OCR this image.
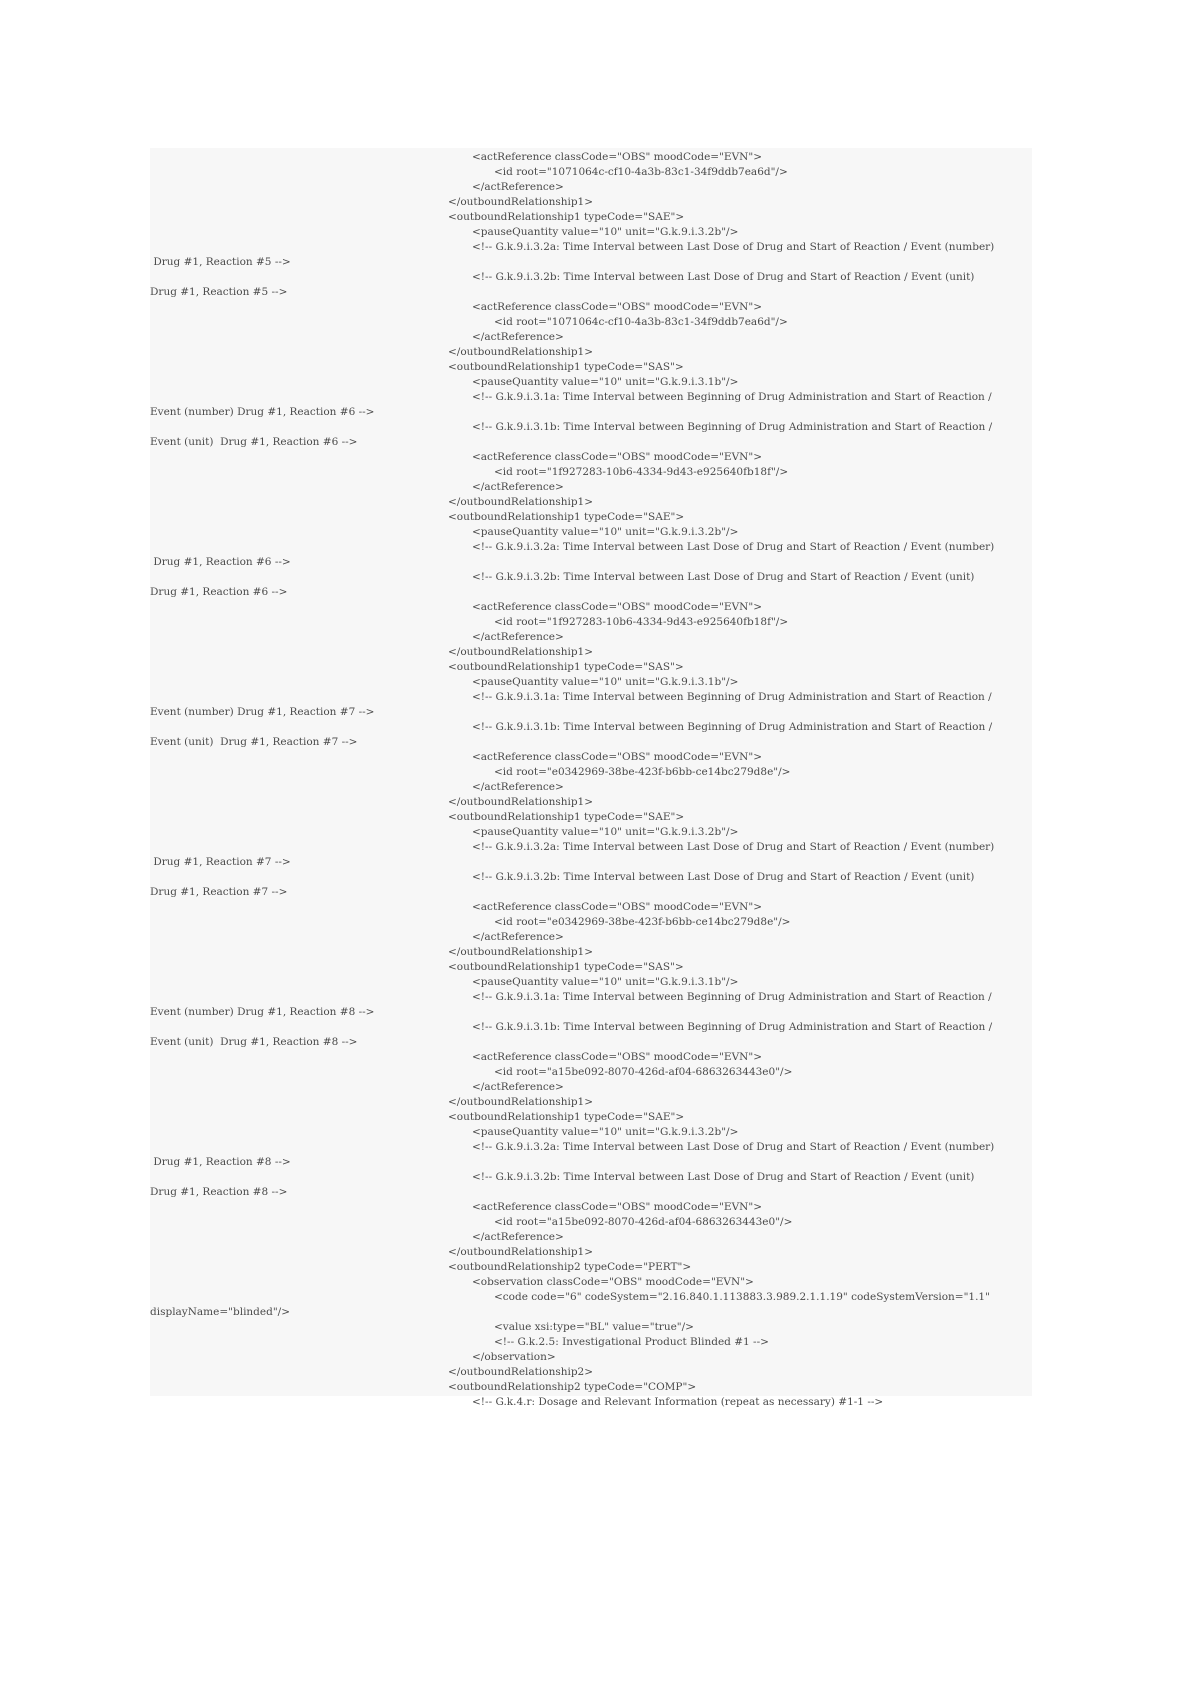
<actReference classCode="OBS" moodCode="EVN">
<id root="1071064c-cf10-4a3b-83c1-34f9ddb7ea6d"/>
</actReference>
</outboundRelationship1>
<outboundRelationship1 typeCode="SAE">
<pauseQuantity value="10" unit="G.k.9.i.3.2b"/>
<!-- G.k.9.i.3.2a: Time Interval between Last Dose of Drug and Start of Reaction / Event (number)
Drug #1, Reaction #5 -->
<!-- G.k.9.i.3.2b: Time Interval between Last Dose of Drug and Start of Reaction / Event (unit)
Drug #1, Reaction #5 -->
<actReference classCode="OBS" moodCode="EVN">
<id root="1071064c-cf10-4a3b-83c1-34f9ddb7ea6d"/>
</actReference>
</outboundRelationship1>
<outboundRelationship1 typeCode="SAS">
<pauseQuantity value="10" unit="G.k.9.i.3.1b"/>
<!-- G.k.9.i.3.1a: Time Interval between Beginning of Drug Administration and Start of Reaction /
Event (number) Drug #1, Reaction #6 -->
<!-- G.k.9.i.3.1b: Time Interval between Beginning of Drug Administration and Start of Reaction /
Event (unit)  Drug #1, Reaction #6 -->
<actReference classCode="OBS" moodCode="EVN">
<id root="1f927283-10b6-4334-9d43-e925640fb18f"/>
</actReference>
</outboundRelationship1>
<outboundRelationship1 typeCode="SAE">
<pauseQuantity value="10" unit="G.k.9.i.3.2b"/>
<!-- G.k.9.i.3.2a: Time Interval between Last Dose of Drug and Start of Reaction / Event (number)
Drug #1, Reaction #6 -->
<!-- G.k.9.i.3.2b: Time Interval between Last Dose of Drug and Start of Reaction / Event (unit)
Drug #1, Reaction #6 -->
<actReference classCode="OBS" moodCode="EVN">
<id root="1f927283-10b6-4334-9d43-e925640fb18f"/>
</actReference>
</outboundRelationship1>
<outboundRelationship1 typeCode="SAS">
<pauseQuantity value="10" unit="G.k.9.i.3.1b"/>
<!-- G.k.9.i.3.1a: Time Interval between Beginning of Drug Administration and Start of Reaction /
Event (number) Drug #1, Reaction #7 -->
<!-- G.k.9.i.3.1b: Time Interval between Beginning of Drug Administration and Start of Reaction /
Event (unit)  Drug #1, Reaction #7 -->
<actReference classCode="OBS" moodCode="EVN">
<id root="e0342969-38be-423f-b6bb-ce14bc279d8e"/>
</actReference>
</outboundRelationship1>
<outboundRelationship1 typeCode="SAE">
<pauseQuantity value="10" unit="G.k.9.i.3.2b"/>
<!-- G.k.9.i.3.2a: Time Interval between Last Dose of Drug and Start of Reaction / Event (number)
Drug #1, Reaction #7 -->
<!-- G.k.9.i.3.2b: Time Interval between Last Dose of Drug and Start of Reaction / Event (unit)
Drug #1, Reaction #7 -->
<actReference classCode="OBS" moodCode="EVN">
<id root="e0342969-38be-423f-b6bb-ce14bc279d8e"/>
</actReference>
</outboundRelationship1>
<outboundRelationship1 typeCode="SAS">
<pauseQuantity value="10" unit="G.k.9.i.3.1b"/>
<!-- G.k.9.i.3.1a: Time Interval between Beginning of Drug Administration and Start of Reaction /
Event (number) Drug #1, Reaction #8 -->
<!-- G.k.9.i.3.1b: Time Interval between Beginning of Drug Administration and Start of Reaction /
Event (unit)  Drug #1, Reaction #8 -->
<actReference classCode="OBS" moodCode="EVN">
<id root="a15be092-8070-426d-af04-6863263443e0"/>
</actReference>
</outboundRelationship1>
<outboundRelationship1 typeCode="SAE">
<pauseQuantity value="10" unit="G.k.9.i.3.2b"/>
<!-- G.k.9.i.3.2a: Time Interval between Last Dose of Drug and Start of Reaction / Event (number)
Drug #1, Reaction #8 -->
<!-- G.k.9.i.3.2b: Time Interval between Last Dose of Drug and Start of Reaction / Event (unit)
Drug #1, Reaction #8 -->
<actReference classCode="OBS" moodCode="EVN">
<id root="a15be092-8070-426d-af04-6863263443e0"/>
</actReference>
</outboundRelationship1>
<outboundRelationship2 typeCode="PERT">
<observation classCode="OBS" moodCode="EVN">
<code code="6" codeSystem="2.16.840.1.113883.3.989.2.1.1.19" codeSystemVersion="1.1"
displayName="blinded"/>
<value xsi:type="BL" value="true"/>
<!-- G.k.2.5: Investigational Product Blinded #1 -->
</observation>
</outboundRelationship2>
<outboundRelationship2 typeCode="COMP">
<!-- G.k.4.r: Dosage and Relevant Information (repeat as necessary) #1-1 -->
